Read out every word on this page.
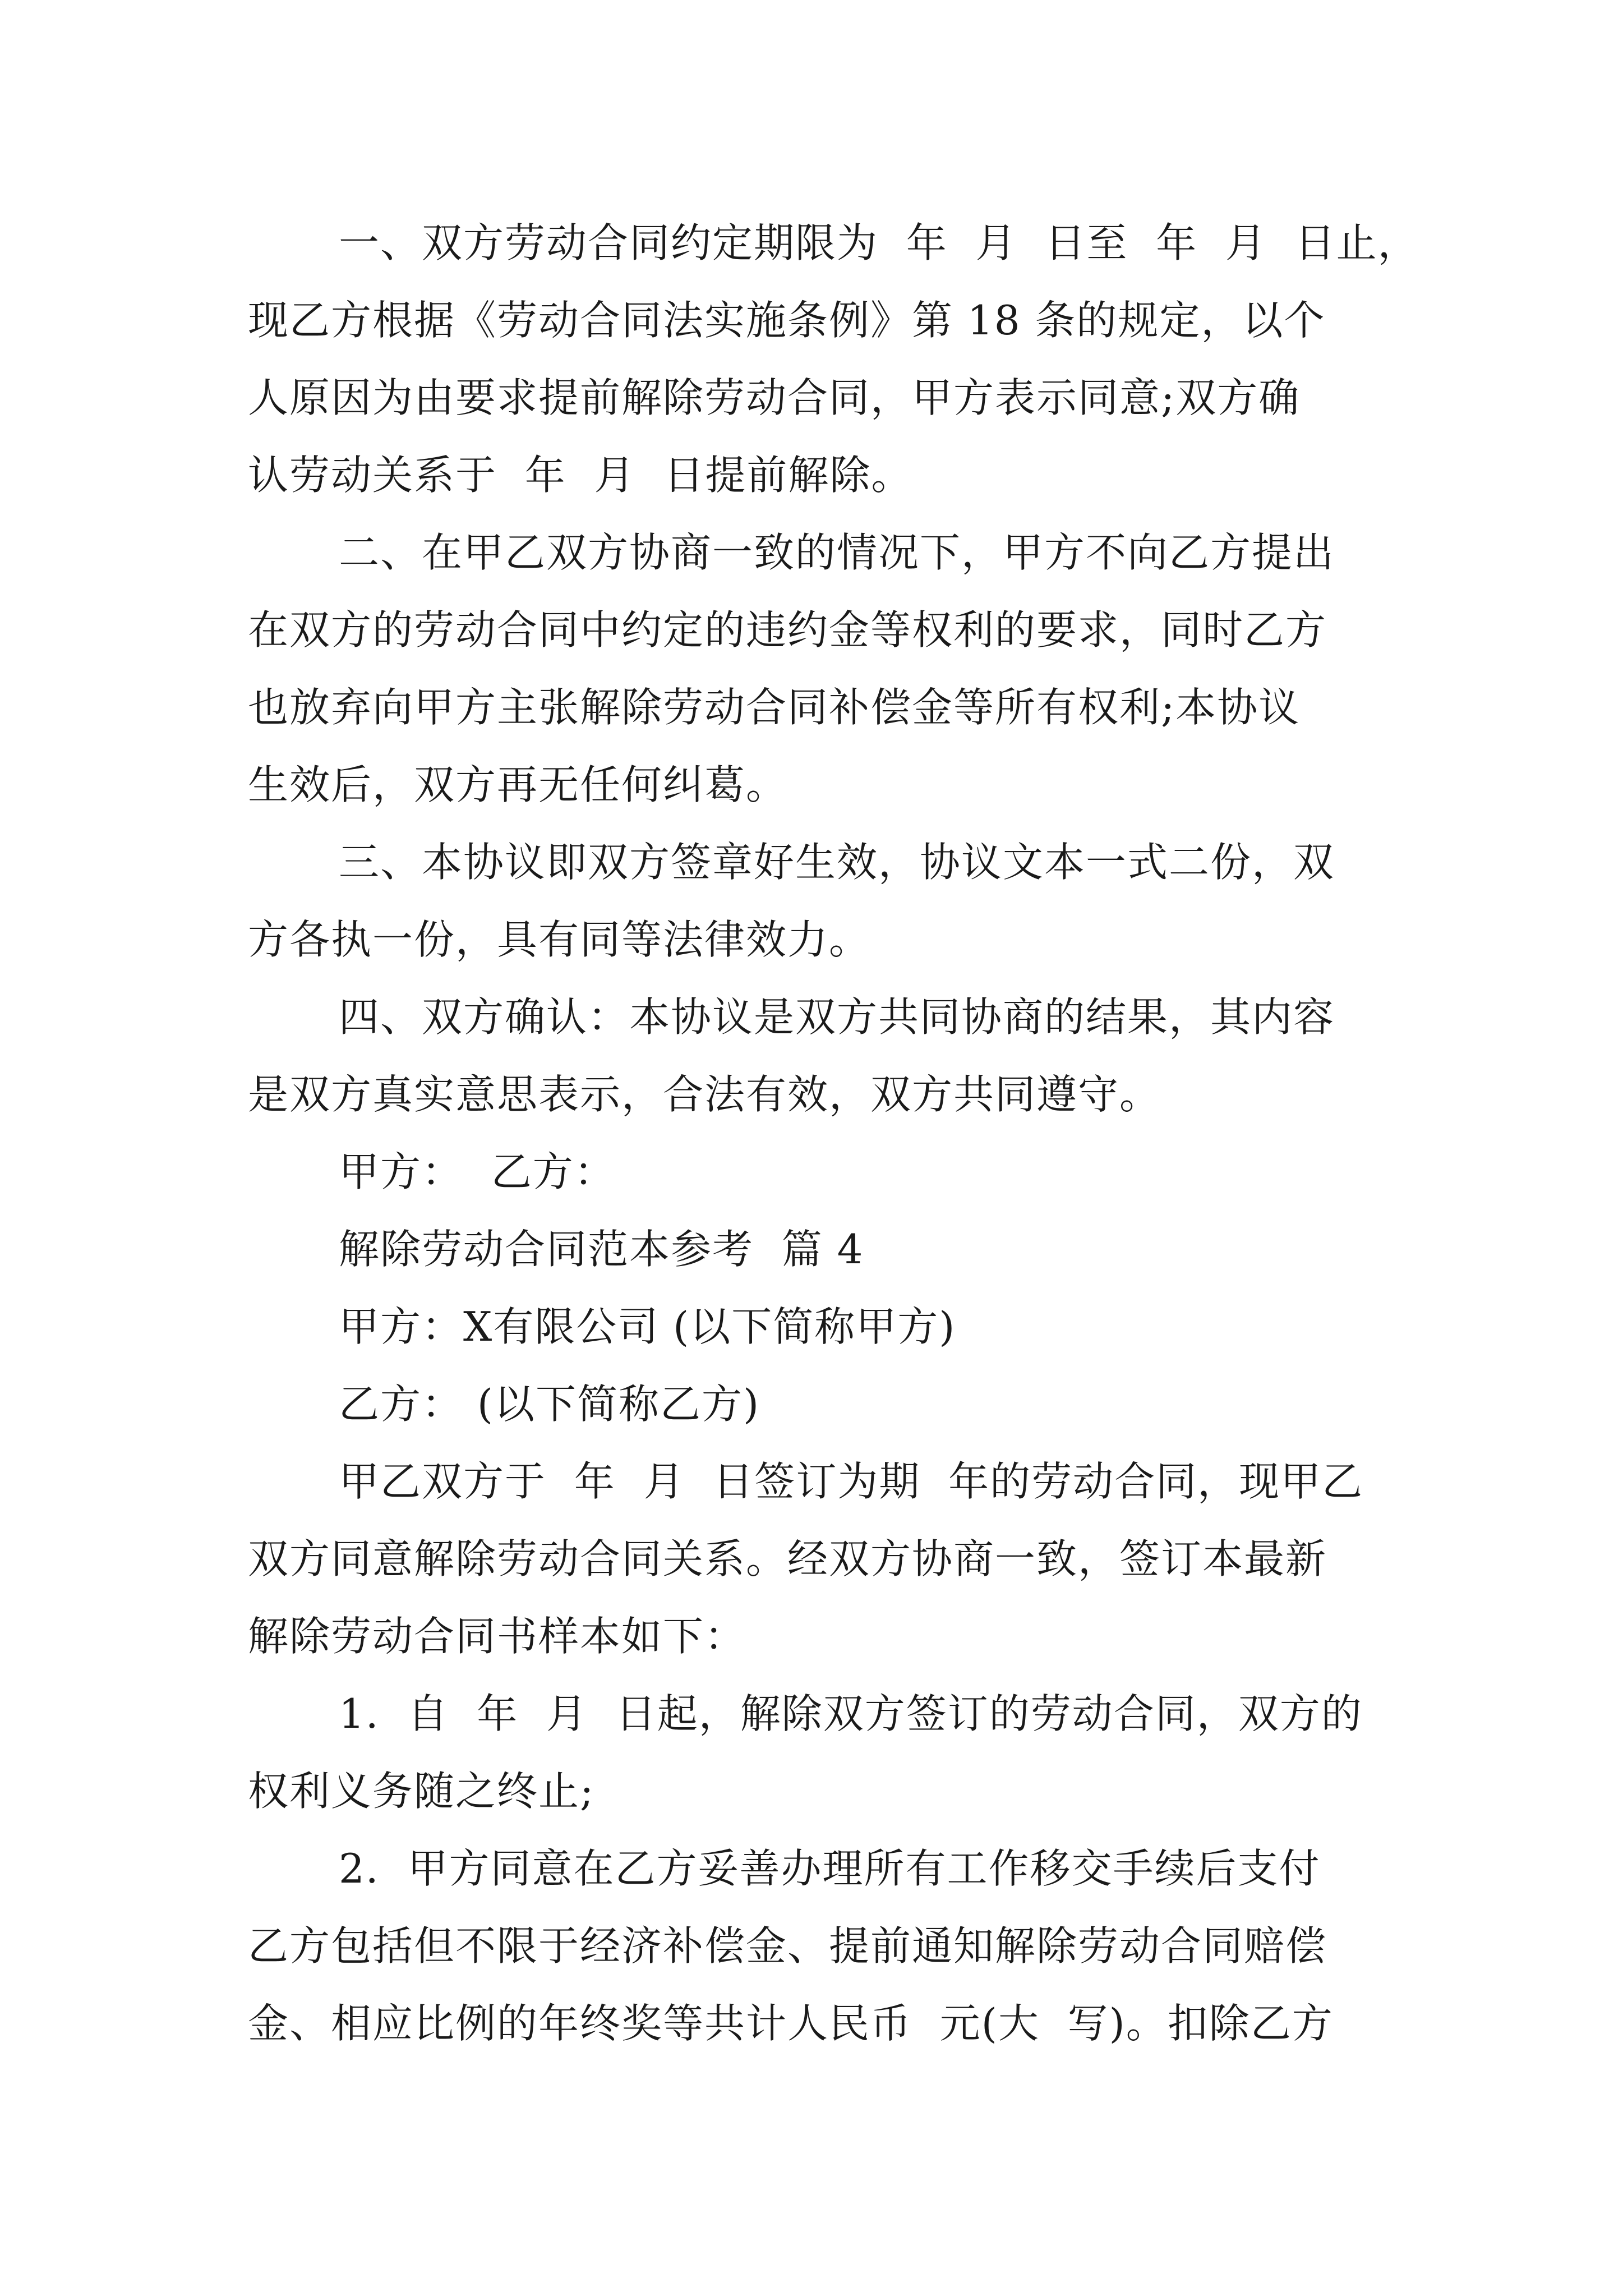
一、双方劳动合同约定期限为  年  月  日至  年  月  日止，
现乙方根据《劳动合同法实施条例》第 18 条的规定，以个
人原因为由要求提前解除劳动合同，甲方表示同意;双方确
认劳动关系于  年  月  日提前解除。
二、在甲乙双方协商一致的情况下，甲方不向乙方提出
在双方的劳动合同中约定的违约金等权利的要求，同时乙方
也放弃向甲方主张解除劳动合同补偿金等所有权利;本协议
生效后，双方再无任何纠葛。
三、本协议即双方签章好生效，协议文本一式二份，双
方各执一份，具有同等法律效力。
四、双方确认：本协议是双方共同协商的结果，其内容
是双方真实意思表示，合法有效，双方共同遵守。
甲方：  乙方：
解除劳动合同范本参考  篇 4
甲方：X有限公司 (以下简称甲方)
乙方： (以下简称乙方)
甲乙双方于  年  月  日签订为期  年的劳动合同，现甲乙
双方同意解除劳动合同关系。经双方协商一致，签订本最新
解除劳动合同书样本如下：
1.  自  年  月  日起，解除双方签订的劳动合同，双方的
权利义务随之终止;
2.  甲方同意在乙方妥善办理所有工作移交手续后支付
乙方包括但不限于经济补偿金、提前通知解除劳动合同赔偿
金、相应比例的年终奖等共计人民币  元(大  写)。扣除乙方
